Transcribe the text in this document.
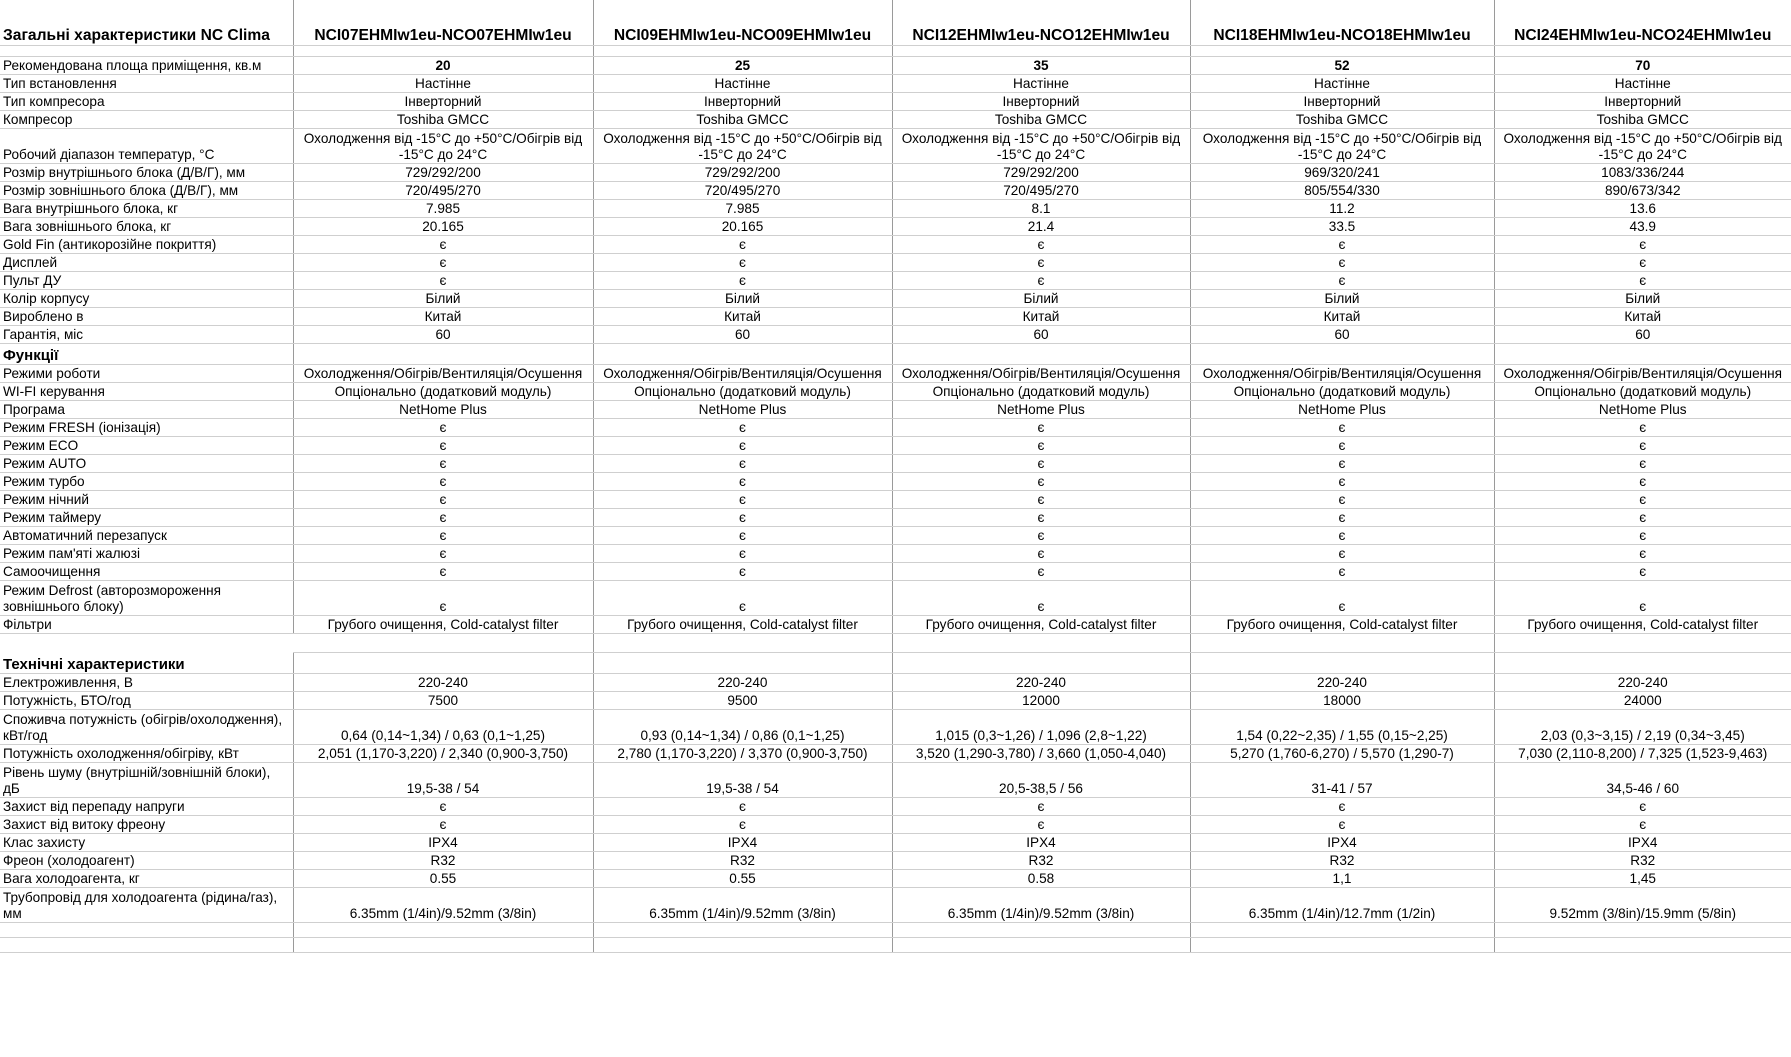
Загальні характеристики NC Clima	NCI07EHMIw1eu-NCO07EHMIw1eu	NCI09EHMIw1eu-NCO09EHMIw1eu	NCI12EHMIw1eu-NCO12EHMIw1eu	NCI18EHMIw1eu-NCO18EHMIw1eu	NCI24EHMIw1eu-NCO24EHMIw1eu

Рекомендована площа приміщення, кв.м	20	25	35	52	70
Тип встановлення	Настінне	Настінне	Настінне	Настінне	Настінне
Тип компресора	Інверторний	Інверторний	Інверторний	Інверторний	Інверторний
Компресор	Toshiba GMCC	Toshiba GMCC	Toshiba GMCC	Toshiba GMCC	Toshiba GMCC
Робочий діапазон температур, °C	Охолодження від -15°C до +50°C/Обігрів від -15°C до 24°C	Охолодження від -15°C до +50°C/Обігрів від -15°C до 24°C	Охолодження від -15°C до +50°C/Обігрів від -15°C до 24°C	Охолодження від -15°C до +50°C/Обігрів від -15°C до 24°C	Охолодження від -15°C до +50°C/Обігрів від -15°C до 24°C
Розмір внутрішнього блока (Д/В/Г), мм	729/292/200	729/292/200	729/292/200	969/320/241	1083/336/244
Розмір зовнішнього блока (Д/В/Г), мм	720/495/270	720/495/270	720/495/270	805/554/330	890/673/342
Вага внутрішнього блока, кг	7.985	7.985	8.1	11.2	13.6
Вага зовнішнього блока, кг	20.165	20.165	21.4	33.5	43.9
Gold Fin (антикорозійне покриття)	є	є	є	є	є
Дисплей	є	є	є	є	є
Пульт ДУ	є	є	є	є	є
Колір корпусу	Білий	Білий	Білий	Білий	Білий
Вироблено в	Китай	Китай	Китай	Китай	Китай
Гарантія, міс	60	60	60	60	60
Функції					
Режими роботи	Охолодження/Обігрів/Вентиляція/Осушення	Охолодження/Обігрів/Вентиляція/Осушення	Охолодження/Обігрів/Вентиляція/Осушення	Охолодження/Обігрів/Вентиляція/Осушення	Охолодження/Обігрів/Вентиляція/Осушення
WI-FI керування	Опціонально (додатковий модуль)	Опціонально (додатковий модуль)	Опціонально (додатковий модуль)	Опціонально (додатковий модуль)	Опціонально (додатковий модуль)
Програма	NetHome Plus	NetHome Plus	NetHome Plus	NetHome Plus	NetHome Plus
Режим FRESH (іонізація)	є	є	є	є	є
Режим ECO	є	є	є	є	є
Режим AUTO	є	є	є	є	є
Режим турбо	є	є	є	є	є
Режим нічний	є	є	є	є	є
Режим таймеру	є	є	є	є	є
Автоматичний перезапуск	є	є	є	є	є
Режим пам'яті жалюзі	є	є	є	є	є
Самоочищення	є	є	є	є	є
Режим Defrost (авторозмороження зовнішнього блоку)	є	є	є	є	є
Фільтри	Грубого очищення, Cold-catalyst filter	Грубого очищення, Cold-catalyst filter	Грубого очищення, Cold-catalyst filter	Грубого очищення, Cold-catalyst filter	Грубого очищення, Cold-catalyst filter

Технічні характеристики					
Електроживлення, В	220-240	220-240	220-240	220-240	220-240
Потужність, БТО/год	7500	9500	12000	18000	24000
Споживча потужність (обігрів/охолодження), кВт/год	0,64 (0,14~1,34) / 0,63 (0,1~1,25)	0,93 (0,14~1,34) / 0,86 (0,1~1,25)	1,015 (0,3~1,26) / 1,096 (2,8~1,22)	1,54 (0,22~2,35) / 1,55 (0,15~2,25)	2,03 (0,3~3,15) / 2,19 (0,34~3,45)
Потужність охолодження/обігріву, кВт	2,051 (1,170-3,220) / 2,340 (0,900-3,750)	2,780 (1,170-3,220) / 3,370 (0,900-3,750)	3,520 (1,290-3,780) / 3,660 (1,050-4,040)	5,270 (1,760-6,270) / 5,570 (1,290-7)	7,030 (2,110-8,200) / 7,325 (1,523-9,463)
Рівень шуму (внутрішній/зовнішній блоки), дБ	19,5-38 / 54	19,5-38 / 54	20,5-38,5 / 56	31-41 / 57	34,5-46 / 60
Захист від перепаду напруги	є	є	є	є	є
Захист від витоку фреону	є	є	є	є	є
Клас захисту	IPX4	IPX4	IPX4	IPX4	IPX4
Фреон (холодоагент)	R32	R32	R32	R32	R32
Вага холодоагента, кг	0.55	0.55	0.58	1,1	1,45
Трубопровід для холодоагента (рідина/газ), мм	6.35mm (1/4in)/9.52mm (3/8in)	6.35mm (1/4in)/9.52mm (3/8in)	6.35mm (1/4in)/9.52mm (3/8in)	6.35mm (1/4in)/12.7mm (1/2in)	9.52mm (3/8in)/15.9mm (5/8in)
